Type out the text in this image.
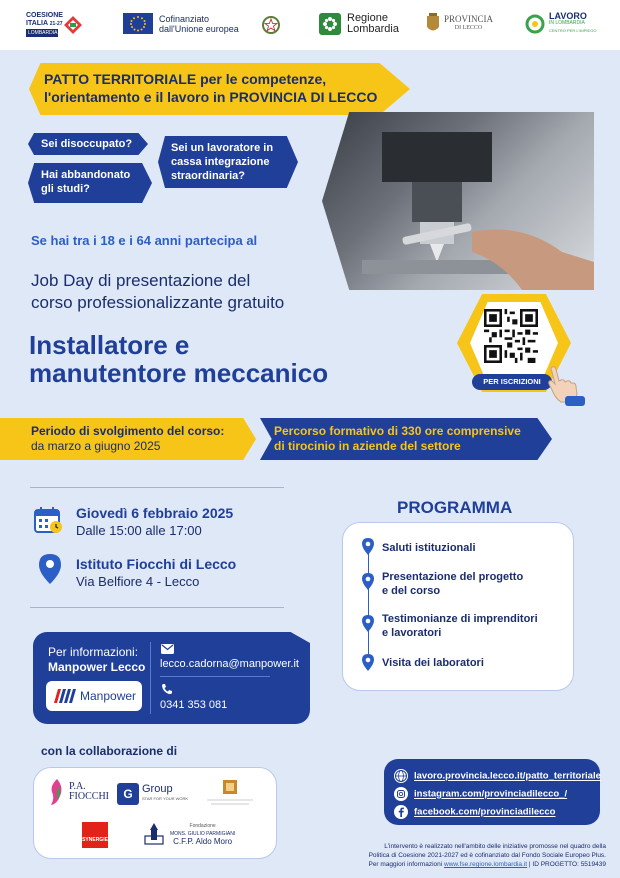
COESIONE
ITALIA 21-27
LOMBARDIA
Cofinanziato
dall'Unione europea
Regione
Lombardia
PROVINCIA
DI LECCO
LAVORO
IN LOMBARDIA
CENTRO PER L'IMPIEGO
PATTO TERRITORIALE per le competenze,
l'orientamento e il lavoro in PROVINCIA DI LECCO
Sei disoccupato?
Hai abbandonato
gli studi?
Sei un lavoratore in
cassa integrazione
straordinaria?
Se hai tra i 18 e i 64 anni partecipa al
Job Day di presentazione del
corso professionalizzante gratuito
Installatore e
manutentore meccanico	PER ISCRIZIONI
Periodo di svolgimento del corso:
da marzo a giugno 2025
Percorso formativo di 330 ore comprensive
di tirocinio in aziende del settore
Giovedì 6 febbraio 2025
Dalle 15:00 alle 17:00
Istituto Fiocchi di Lecco
Via Belfiore 4 - Lecco
PROGRAMMA
Saluti istituzionali
Presentazione del progetto
e del corso
Testimonianze di imprenditori
e lavoratori
Visita dei laboratori
Per informazioni:
Manpower Lecco
Manpower
lecco.cadorna@manpower.it
0341 353 081
con la collaborazione di
P.A.
FIOCCHI	G Group
STAR FOR YOUR WORK
SYNERGIE
Fondazione
MONS. GIULIO PARMIGIANI
C.F.P. Aldo Moro
lavoro.provincia.lecco.it/patto_territoriale
instagram.com/provinciadilecco_/
facebook.com/provinciadilecco
L'intervento è realizzato nell'ambito delle iniziative promosse nel quadro della
Politica di Coesione 2021-2027 ed è cofinanziato dal Fondo Sociale Europeo Plus.
Per maggiori informazioni www.fse.regione.lombardia.it | ID PROGETTO: 5519439
